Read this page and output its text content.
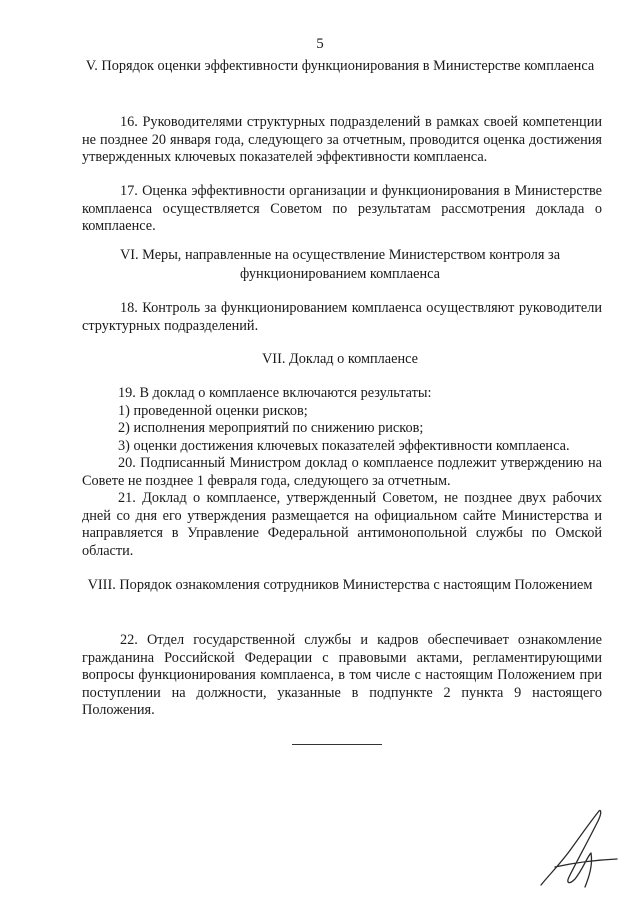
5
V. Порядок оценки эффективности функционирования в Министерстве комплаенса
16. Руководителями структурных подразделений в рамках своей компетенции не позднее 20 января года, следующего за отчетным, проводится оценка достижения утвержденных ключевых показателей эффективности комплаенса.
17. Оценка эффективности организации и функционирования в Министерстве комплаенса осуществляется Советом по результатам рассмотрения доклада о комплаенсе.
VI. Меры, направленные на осуществление Министерством контроля за функционированием комплаенса
18. Контроль за функционированием комплаенса осуществляют руководители структурных подразделений.
VII. Доклад о комплаенсе
19. В доклад о комплаенсе включаются результаты:
1) проведенной оценки рисков;
2) исполнения мероприятий по снижению рисков;
3) оценки достижения ключевых показателей эффективности комплаенса.
20. Подписанный Министром доклад о комплаенсе подлежит утверждению на Совете не позднее 1 февраля года, следующего за отчетным.
21. Доклад о комплаенсе, утвержденный Советом, не позднее двух рабочих дней со дня его утверждения размещается на официальном сайте Министерства и направляется в Управление Федеральной антимонопольной службы по Омской области.
VIII. Порядок ознакомления сотрудников Министерства с настоящим Положением
22. Отдел государственной службы и кадров обеспечивает ознакомление гражданина Российской Федерации с правовыми актами, регламентирующими вопросы функционирования комплаенса, в том числе с настоящим Положением при поступлении на должности, указанные в подпункте 2 пункта 9 настоящего Положения.
